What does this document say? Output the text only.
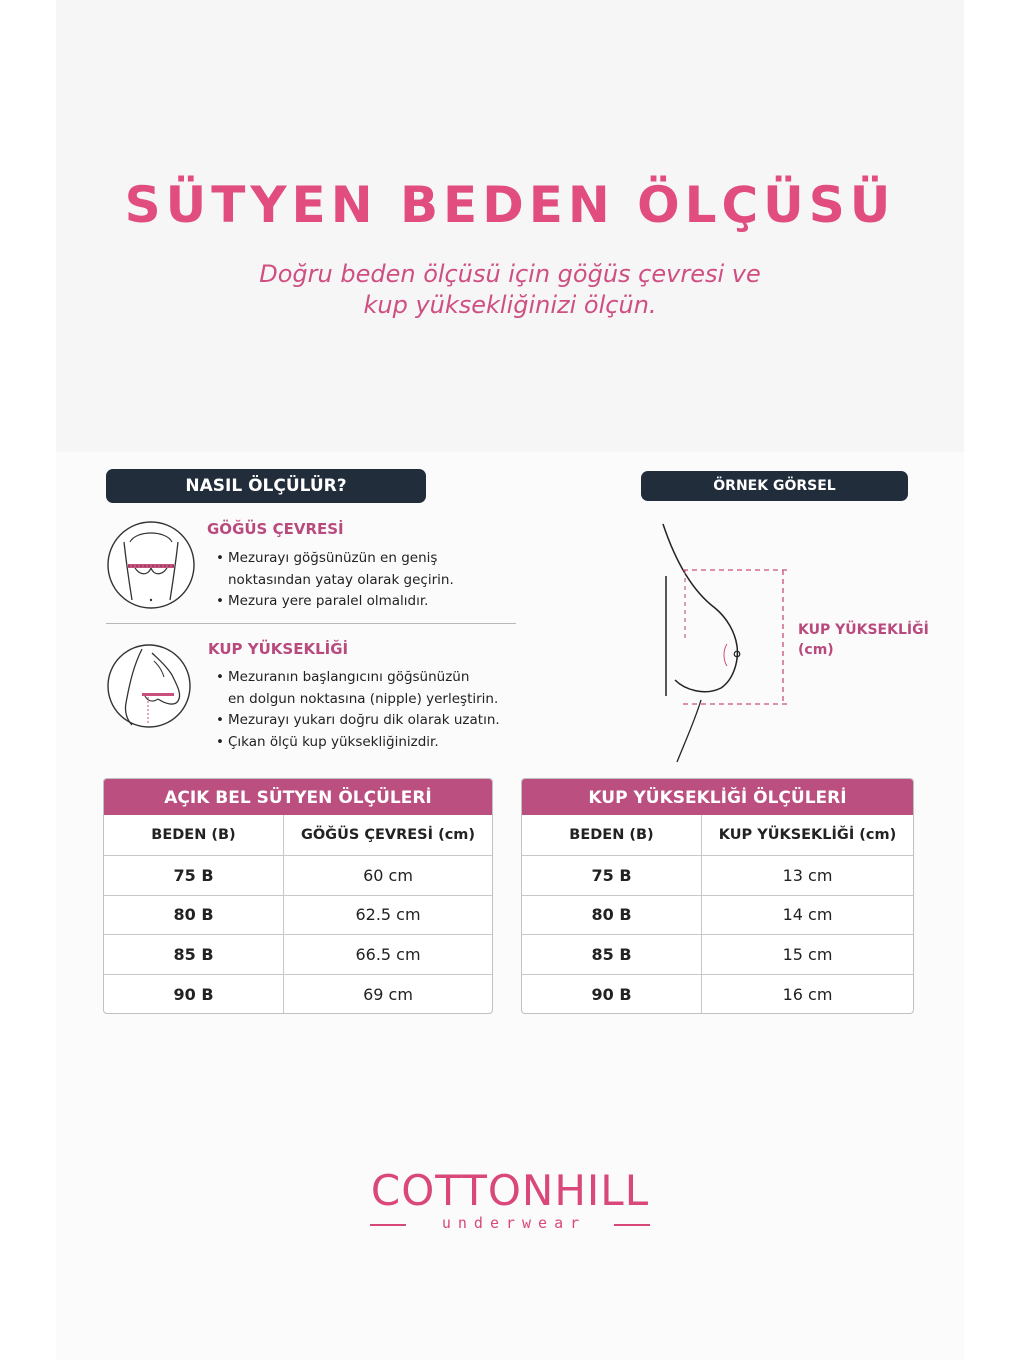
SÜTYEN BEDEN ÖLÇÜSÜ
Doğru beden ölçüsü için göğüs çevresi ve
kup yüksekliğinizi ölçün.
NASIL ÖLÇÜLÜR?
GÖĞÜS ÇEVRESİ
• Mezurayı göğsünüzün en geniş
noktasından yatay olarak geçirin.
• Mezura yere paralel olmalıdır.
KUP YÜKSEKLİĞİ
• Mezuranın başlangıcını göğsünüzün
en dolgun noktasına (nipple) yerleştirin.
• Mezurayı yukarı doğru dik olarak uzatın.
• Çıkan ölçü kup yüksekliğinizdir.
ÖRNEK GÖRSEL
KUP YÜKSEKLİĞİ
(cm)
AÇIK BEL SÜTYEN ÖLÇÜLERİ
BEDEN (B)	GÖĞÜS ÇEVRESİ (cm)
75 B	60 cm
80 B	62.5 cm
85 B	66.5 cm
90 B	69 cm
KUP YÜKSEKLİĞİ ÖLÇÜLERİ
BEDEN (B)	KUP YÜKSEKLİĞİ (cm)
75 B	13 cm
80 B	14 cm
85 B	15 cm
90 B	16 cm
COTTONHILL
underwear
